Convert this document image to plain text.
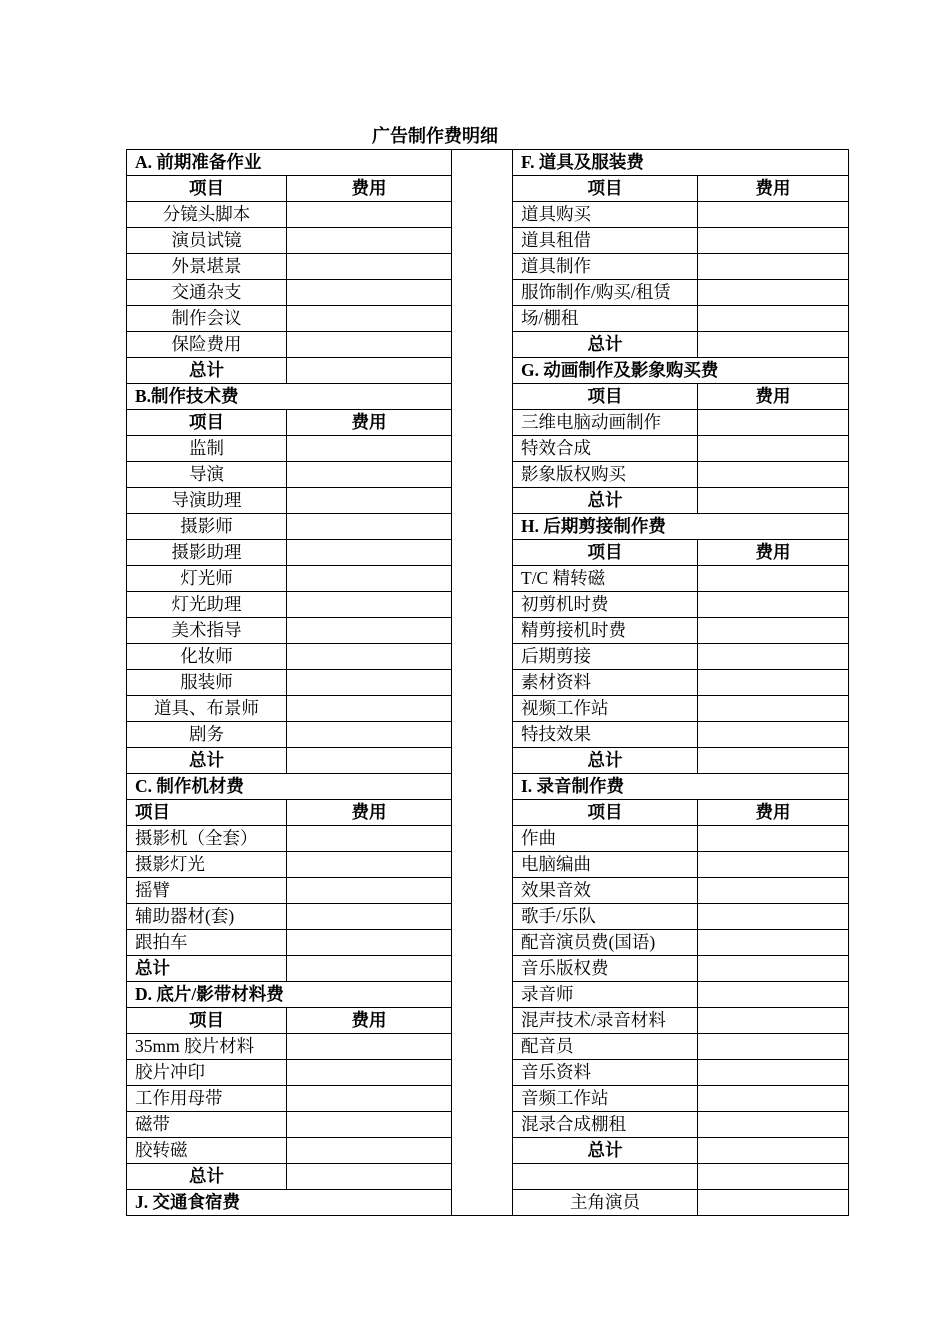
广告制作费明细
A. 前期准备作业			F. 道具及服装费	
项目	费用		项目	费用
分镜头脚本			道具购买	
演员试镜			道具租借	
外景堪景			道具制作	
交通杂支			服饰制作/购买/租赁	
制作会议			场/棚租	
保险费用			总计	
总计			G. 动画制作及影象购买费	
B.制作技术费			项目	费用
项目	费用		三维电脑动画制作	
监制			特效合成	
导演			影象版权购买	
导演助理			总计	
摄影师			H. 后期剪接制作费	
摄影助理			项目	费用
灯光师			T/C 精转磁	
灯光助理			初剪机时费	
美术指导			精剪接机时费	
化妆师			后期剪接	
服装师			素材资料	
道具、布景师			视频工作站	
剧务			特技效果	
总计			总计	
C. 制作机材费			I. 录音制作费	
项目	费用		项目	费用
摄影机（全套）			作曲	
摄影灯光			电脑编曲	
摇臂			效果音效	
辅助器材(套)			歌手/乐队	
跟拍车			配音演员费(国语)	
总计			音乐版权费	
D. 底片/影带材料费			录音师	
项目	费用		混声技术/录音材料	
35mm 胶片材料			配音员	
胶片冲印			音乐资料	
工作用母带			音频工作站	
磁带			混录合成棚租	
胶转磁			总计	
总计				
J. 交通食宿费			主角演员	
